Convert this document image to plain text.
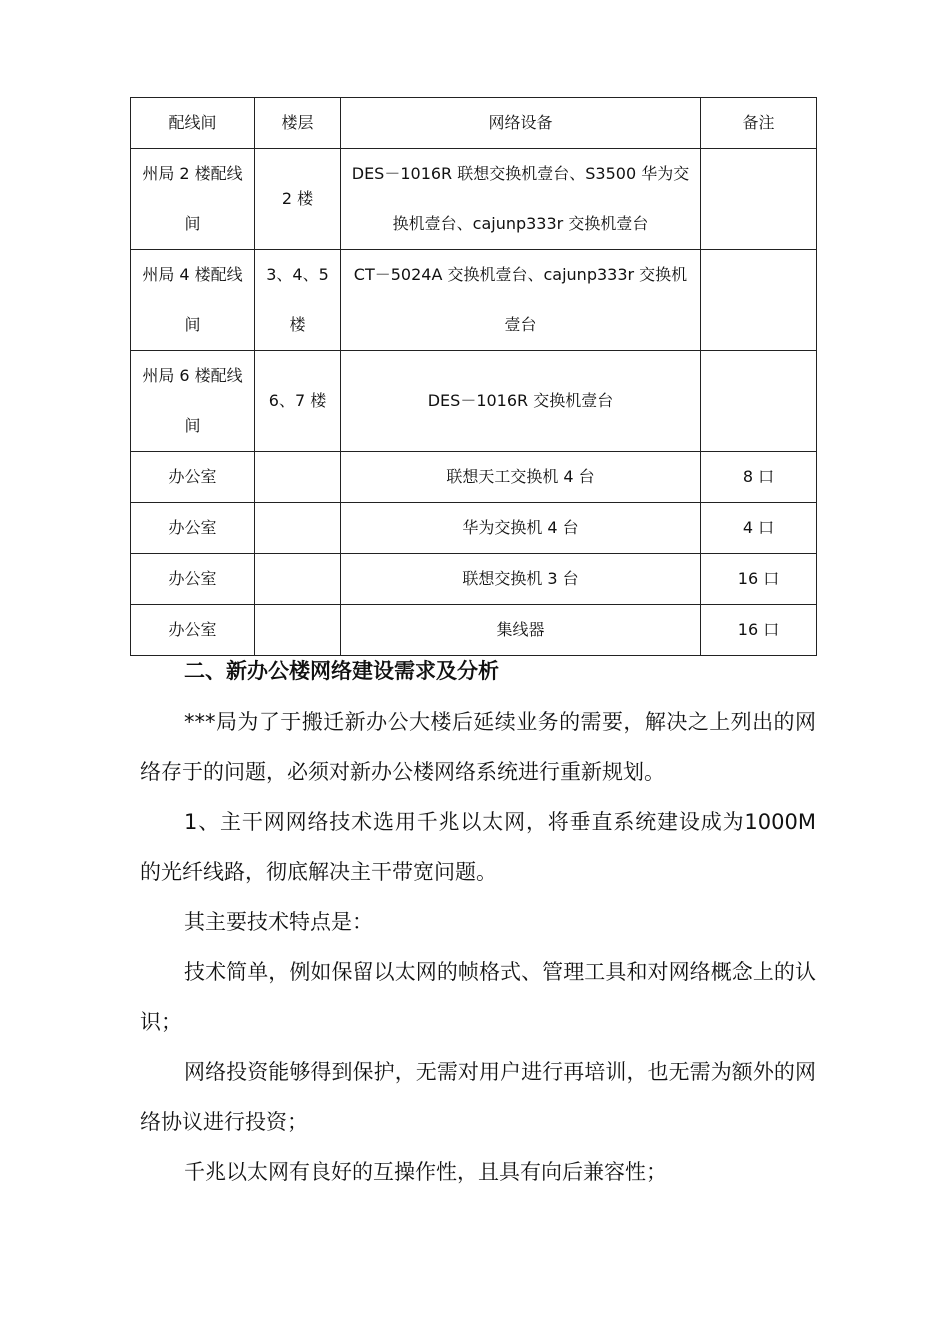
配线间	楼层	网络设备	备注
州局 2 楼配线间	2 楼	DES－1016R 联想交换机壹台、S3500 华为交换机壹台、cajunp333r 交换机壹台	
州局 4 楼配线间	3、4、5 楼	CT－5024A 交换机壹台、cajunp333r 交换机壹台	
州局 6 楼配线间	6、7 楼	DES－1016R 交换机壹台	
办公室		联想天工交换机 4 台	8 口
办公室		华为交换机 4 台	4 口
办公室		联想交换机 3 台	16 口
办公室		集线器	16 口
二、新办公楼网络建设需求及分析

***局为了于搬迁新办公大楼后延续业务的需要，解决之上列出的网络存于的问题，必须对新办公楼网络系统进行重新规划。

1、主干网网络技术选用千兆以太网，将垂直系统建设成为1000M 的光纤线路，彻底解决主干带宽问题。

其主要技术特点是：

技术简单，例如保留以太网的帧格式、管理工具和对网络概念上的认识；

网络投资能够得到保护，无需对用户进行再培训，也无需为额外的网络协议进行投资；

千兆以太网有良好的互操作性，且具有向后兼容性；
